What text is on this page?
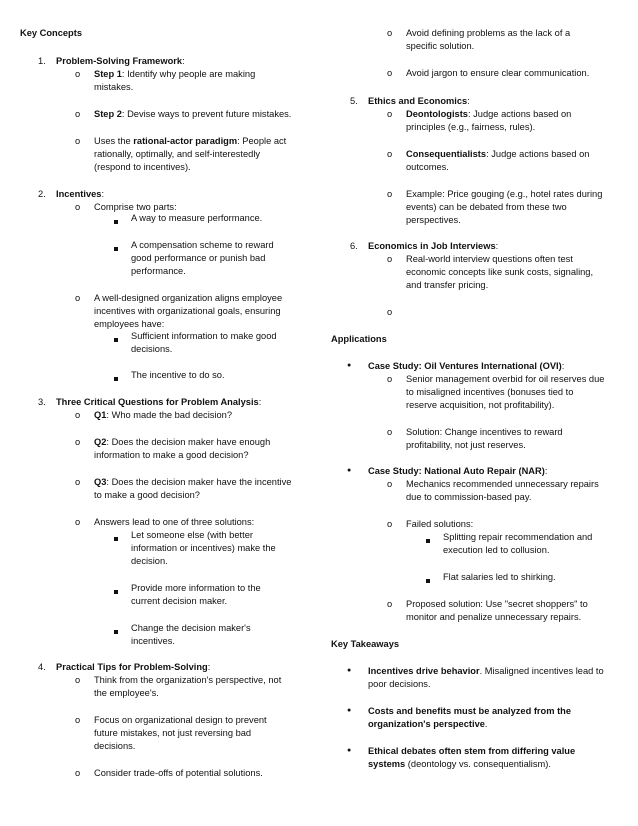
Key Concepts
1. Problem-Solving Framework:
o Step 1: Identify why people are making
mistakes.
o Step 2: Devise ways to prevent future mistakes.
o Uses the rational-actor paradigm: People act
rationally, optimally, and self-interestedly
(respond to incentives).
2. Incentives:
o Comprise two parts:
A way to measure performance.
A compensation scheme to reward
good performance or punish bad
performance.
o A well-designed organization aligns employee
incentives with organizational goals, ensuring
employees have:
Sufficient information to make good
decisions.
The incentive to do so.
3. Three Critical Questions for Problem Analysis:
o Q1: Who made the bad decision?
o Q2: Does the decision maker have enough
information to make a good decision?
o Q3: Does the decision maker have the incentive
to make a good decision?
o Answers lead to one of three solutions:
Let someone else (with better
information or incentives) make the
decision.
Provide more information to the
current decision maker.
Change the decision maker's
incentives.
4. Practical Tips for Problem-Solving:
o Think from the organization's perspective, not
the employee's.
o Focus on organizational design to prevent
future mistakes, not just reversing bad
decisions.
o Consider trade-offs of potential solutions.
o Avoid defining problems as the lack of a
specific solution.
o Avoid jargon to ensure clear communication.
5. Ethics and Economics:
o Deontologists: Judge actions based on
principles (e.g., fairness, rules).
o Consequentialists: Judge actions based on
outcomes.
o Example: Price gouging (e.g., hotel rates during
events) can be debated from these two
perspectives.
6. Economics in Job Interviews:
o Real-world interview questions often test
economic concepts like sunk costs, signaling,
and transfer pricing.
o
Applications
● Case Study: Oil Ventures International (OVI):
o Senior management overbid for oil reserves due
to misaligned incentives (bonuses tied to
reserve acquisition, not profitability).
o Solution: Change incentives to reward
profitability, not just reserves.
● Case Study: National Auto Repair (NAR):
o Mechanics recommended unnecessary repairs
due to commission-based pay.
o Failed solutions:
Splitting repair recommendation and
execution led to collusion.
Flat salaries led to shirking.
o Proposed solution: Use "secret shoppers" to
monitor and penalize unnecessary repairs.
Key Takeaways
● Incentives drive behavior. Misaligned incentives lead to
poor decisions.
● Costs and benefits must be analyzed from the
organization's perspective.
● Ethical debates often stem from differing value
systems (deontology vs. consequentialism).
